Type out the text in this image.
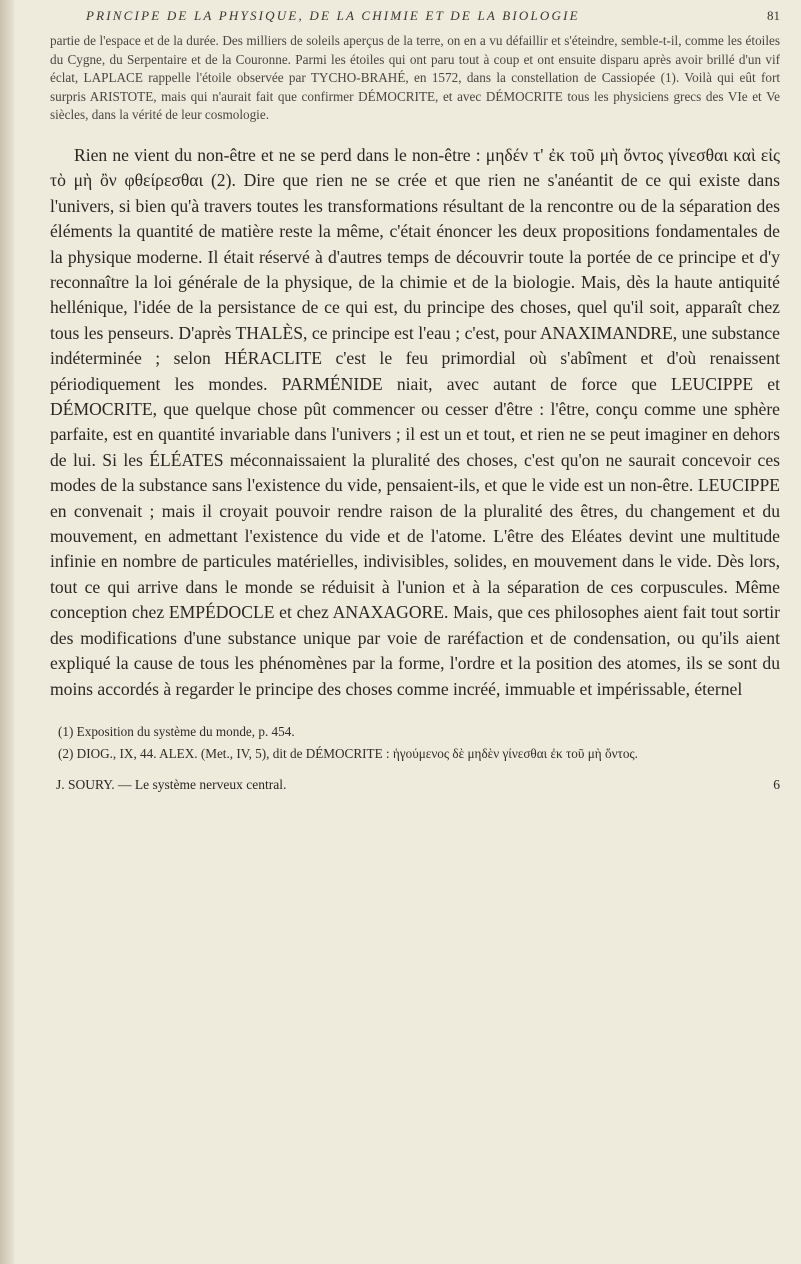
PRINCIPE DE LA PHYSIQUE, DE LA CHIMIE ET DE LA BIOLOGIE	81

partie de l'espace et de la durée. Des milliers de soleils aperçus de la terre, on en a vu défaillir et s'éteindre, semble-t-il, comme les étoiles du Cygne, du Serpentaire et de la Couronne. Parmi les étoiles qui ont paru tout à coup et ont ensuite disparu après avoir brillé d'un vif éclat, LAPLACE rappelle l'étoile observée par TYCHO-BRAHÉ, en 1572, dans la constellation de Cassiopée (1). Voilà qui eût fort surpris ARISTOTE, mais qui n'aurait fait que confirmer DÉMOCRITE, et avec DÉMOCRITE tous les physiciens grecs des VIe et Ve siècles, dans la vérité de leur cosmologie.

Rien ne vient du non-être et ne se perd dans le non-être : μηδέν τ' ἐκ τοῦ μὴ ὄντος γίνεσθαι καὶ εἰς τὸ μὴ ὂν φθείρεσθαι (2). Dire que rien ne se crée et que rien ne s'anéantit de ce qui existe dans l'univers, si bien qu'à travers toutes les transformations résultant de la rencontre ou de la séparation des éléments la quantité de matière reste la même, c'était énoncer les deux propositions fondamentales de la physique moderne. Il était réservé à d'autres temps de découvrir toute la portée de ce principe et d'y reconnaître la loi générale de la physique, de la chimie et de la biologie. Mais, dès la haute antiquité hellénique, l'idée de la persistance de ce qui est, du principe des choses, quel qu'il soit, apparaît chez tous les penseurs. D'après THALÈS, ce principe est l'eau ; c'est, pour ANAXIMANDRE, une substance indéterminée ; selon HÉRACLITE c'est le feu primordial où s'abîment et d'où renaissent périodiquement les mondes. PARMÉNIDE niait, avec autant de force que LEUCIPPE et DÉMOCRITE, que quelque chose pût commencer ou cesser d'être : l'être, conçu comme une sphère parfaite, est en quantité invariable dans l'univers ; il est un et tout, et rien ne se peut imaginer en dehors de lui. Si les ÉLÉATES méconnaissaient la pluralité des choses, c'est qu'on ne saurait concevoir ces modes de la substance sans l'existence du vide, pensaient-ils, et que le vide est un non-être. LEUCIPPE en convenait ; mais il croyait pouvoir rendre raison de la pluralité des êtres, du changement et du mouvement, en admettant l'existence du vide et de l'atome. L'être des Eléates devint une multitude infinie en nombre de particules matérielles, indivisibles, solides, en mouvement dans le vide. Dès lors, tout ce qui arrive dans le monde se réduisit à l'union et à la séparation de ces corpuscules. Même conception chez EMPÉDOCLE et chez ANAXAGORE. Mais, que ces philosophes aient fait tout sortir des modifications d'une substance unique par voie de raréfaction et de condensation, ou qu'ils aient expliqué la cause de tous les phénomènes par la forme, l'ordre et la position des atomes, ils se sont du moins accordés à regarder le principe des choses comme incréé, immuable et impérissable, éternel

(1) Exposition du système du monde, p. 454.

(2) DIOG., IX, 44. ALEX. (Met., IV, 5), dit de DÉMOCRITE : ἡγούμενος δὲ μηδὲν γίνεσθαι ἐκ τοῦ μὴ ὄντος.

J. SOURY. — Le système nerveux central.	6
